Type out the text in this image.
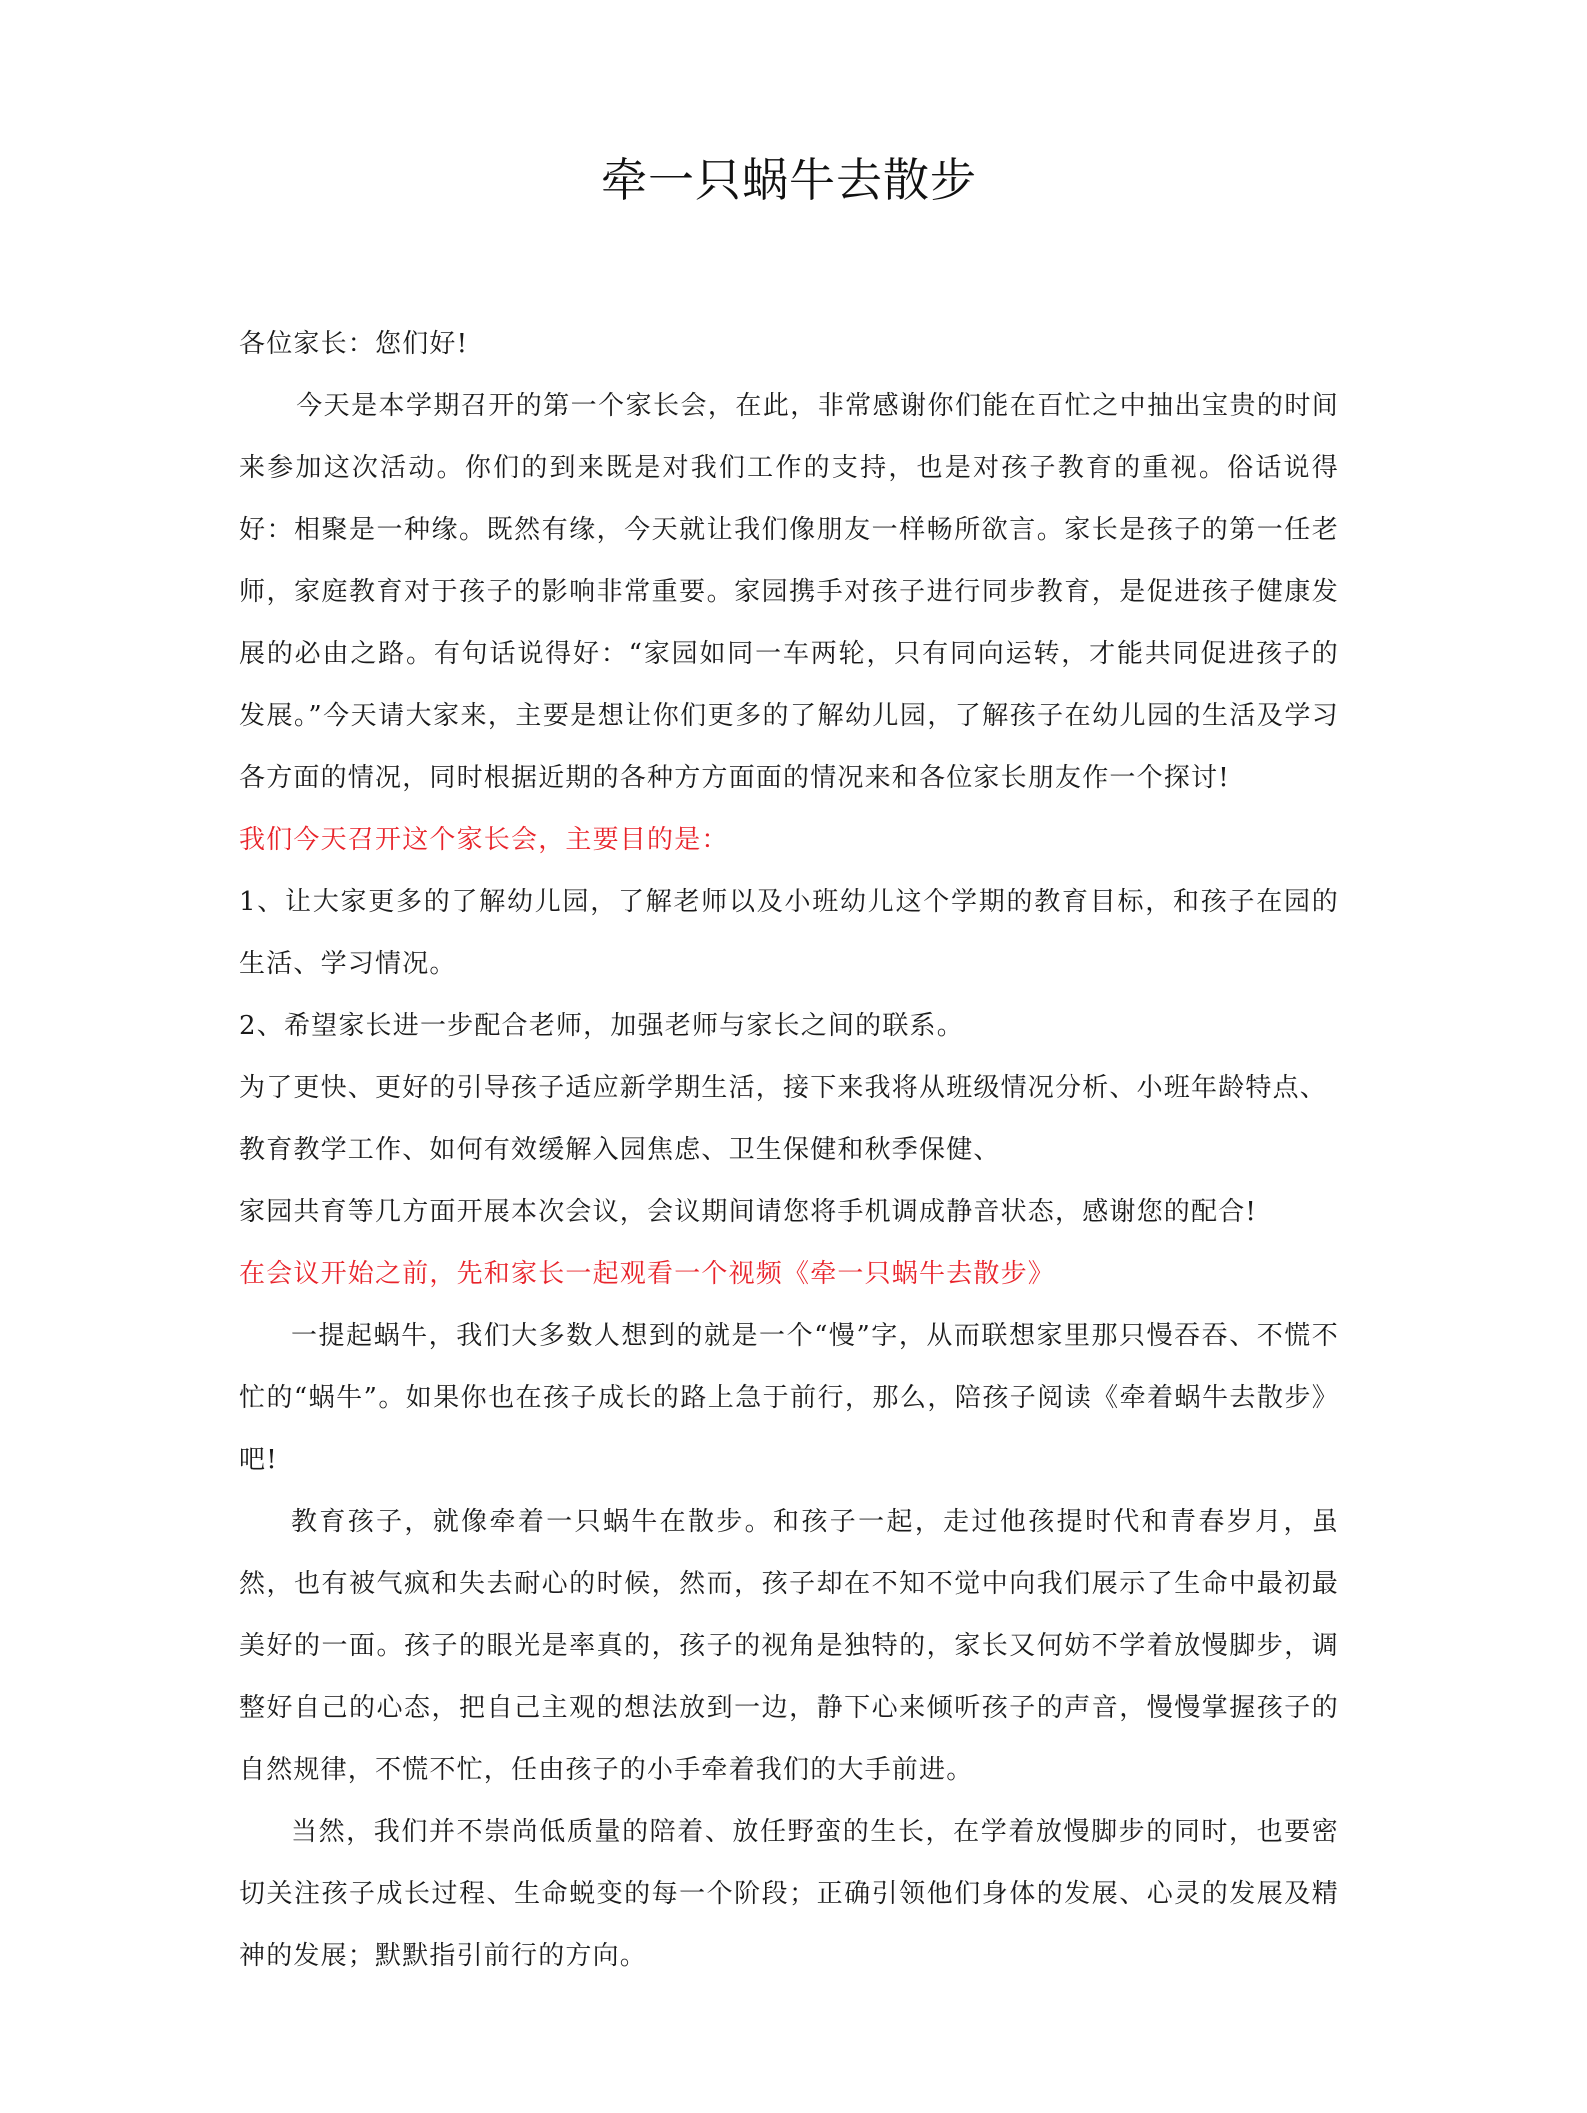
牵一只蜗牛去散步

各位家长：您们好!

今天是本学期召开的第一个家长会，在此，非常感谢你们能在百忙之中抽出宝贵的时间来参加这次活动。你们的到来既是对我们工作的支持，也是对孩子教育的重视。俗话说得好：相聚是一种缘。既然有缘，今天就让我们像朋友一样畅所欲言。家长是孩子的第一任老师，家庭教育对于孩子的影响非常重要。家园携手对孩子进行同步教育，是促进孩子健康发展的必由之路。有句话说得好：“家园如同一车两轮，只有同向运转，才能共同促进孩子的发展。”今天请大家来，主要是想让你们更多的了解幼儿园，了解孩子在幼儿园的生活及学习各方面的情况，同时根据近期的各种方方面面的情况来和各位家长朋友作一个探讨!

我们今天召开这个家长会，主要目的是：

1、让大家更多的了解幼儿园，了解老师以及小班幼儿这个学期的教育目标，和孩子在园的生活、学习情况。

2、希望家长进一步配合老师，加强老师与家长之间的联系。

为了更快、更好的引导孩子适应新学期生活，接下来我将从班级情况分析、小班年龄特点、

教育教学工作、如何有效缓解入园焦虑、卫生保健和秋季保健、

家园共育等几方面开展本次会议，会议期间请您将手机调成静音状态，感谢您的配合!

在会议开始之前，先和家长一起观看一个视频《牵一只蜗牛去散步》

一提起蜗牛，我们大多数人想到的就是一个“慢”字，从而联想家里那只慢吞吞、不慌不忙的“蜗牛”。如果你也在孩子成长的路上急于前行，那么，陪孩子阅读《牵着蜗牛去散步》吧!

教育孩子，就像牵着一只蜗牛在散步。和孩子一起，走过他孩提时代和青春岁月，虽然，也有被气疯和失去耐心的时候，然而，孩子却在不知不觉中向我们展示了生命中最初最美好的一面。孩子的眼光是率真的，孩子的视角是独特的，家长又何妨不学着放慢脚步，调整好自己的心态，把自己主观的想法放到一边，静下心来倾听孩子的声音，慢慢掌握孩子的自然规律，不慌不忙，任由孩子的小手牵着我们的大手前进。

当然，我们并不崇尚低质量的陪着、放任野蛮的生长，在学着放慢脚步的同时，也要密切关注孩子成长过程、生命蜕变的每一个阶段；正确引领他们身体的发展、心灵的发展及精神的发展；默默指引前行的方向。
